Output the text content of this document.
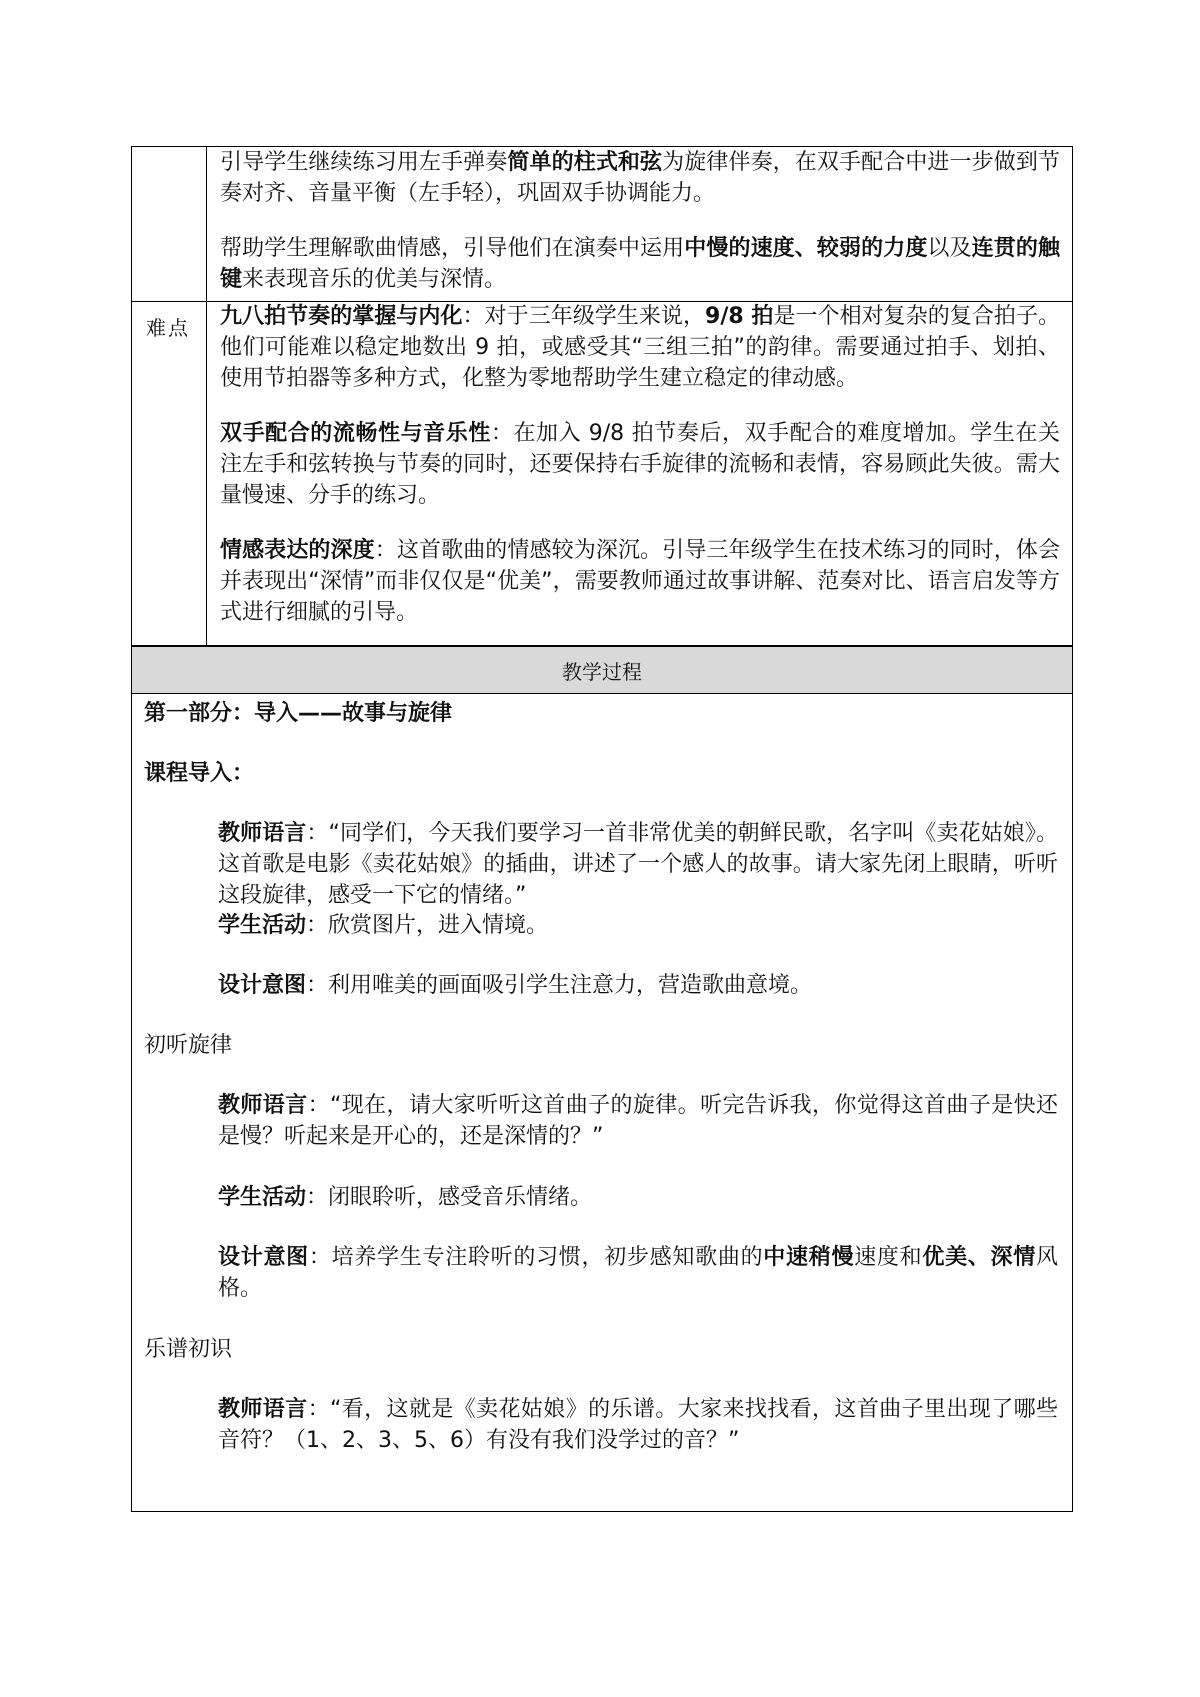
引导学生继续练习用左手弹奏简单的柱式和弦为旋律伴奏，在双手配合中进一步做到节奏对齐、音量平衡（左手轻），巩固双手协调能力。

帮助学生理解歌曲情感，引导他们在演奏中运用中慢的速度、较弱的力度以及连贯的触键来表现音乐的优美与深情。

难点 九八拍节奏的掌握与内化：对于三年级学生来说，9/8 拍是一个相对复杂的复合拍子。他们可能难以稳定地数出 9 拍，或感受其“三组三拍”的韵律。需要通过拍手、划拍、使用节拍器等多种方式，化整为零地帮助学生建立稳定的律动感。

双手配合的流畅性与音乐性：在加入 9/8 拍节奏后，双手配合的难度增加。学生在关注左手和弦转换与节奏的同时，还要保持右手旋律的流畅和表情，容易顾此失彼。需大量慢速、分手的练习。

情感表达的深度：这首歌曲的情感较为深沉。引导三年级学生在技术练习的同时，体会并表现出“深情”而非仅仅是“优美”，需要教师通过故事讲解、范奏对比、语言启发等方式进行细腻的引导。

教学过程

第一部分：导入——故事与旋律

课程导入：

教师语言：“同学们，今天我们要学习一首非常优美的朝鲜民歌，名字叫《卖花姑娘》。这首歌是电影《卖花姑娘》的插曲，讲述了一个感人的故事。请大家先闭上眼睛，听听这段旋律，感受一下它的情绪。”

学生活动：欣赏图片，进入情境。

设计意图：利用唯美的画面吸引学生注意力，营造歌曲意境。

初听旋律

教师语言：“现在，请大家听听这首曲子的旋律。听完告诉我，你觉得这首曲子是快还是慢？听起来是开心的，还是深情的？”

学生活动：闭眼聆听，感受音乐情绪。

设计意图：培养学生专注聆听的习惯，初步感知歌曲的中速稍慢速度和优美、深情风格。

乐谱初识

教师语言：“看，这就是《卖花姑娘》的乐谱。大家来找找看，这首曲子里出现了哪些音符？（1、2、3、5、6）有没有我们没学过的音？”
